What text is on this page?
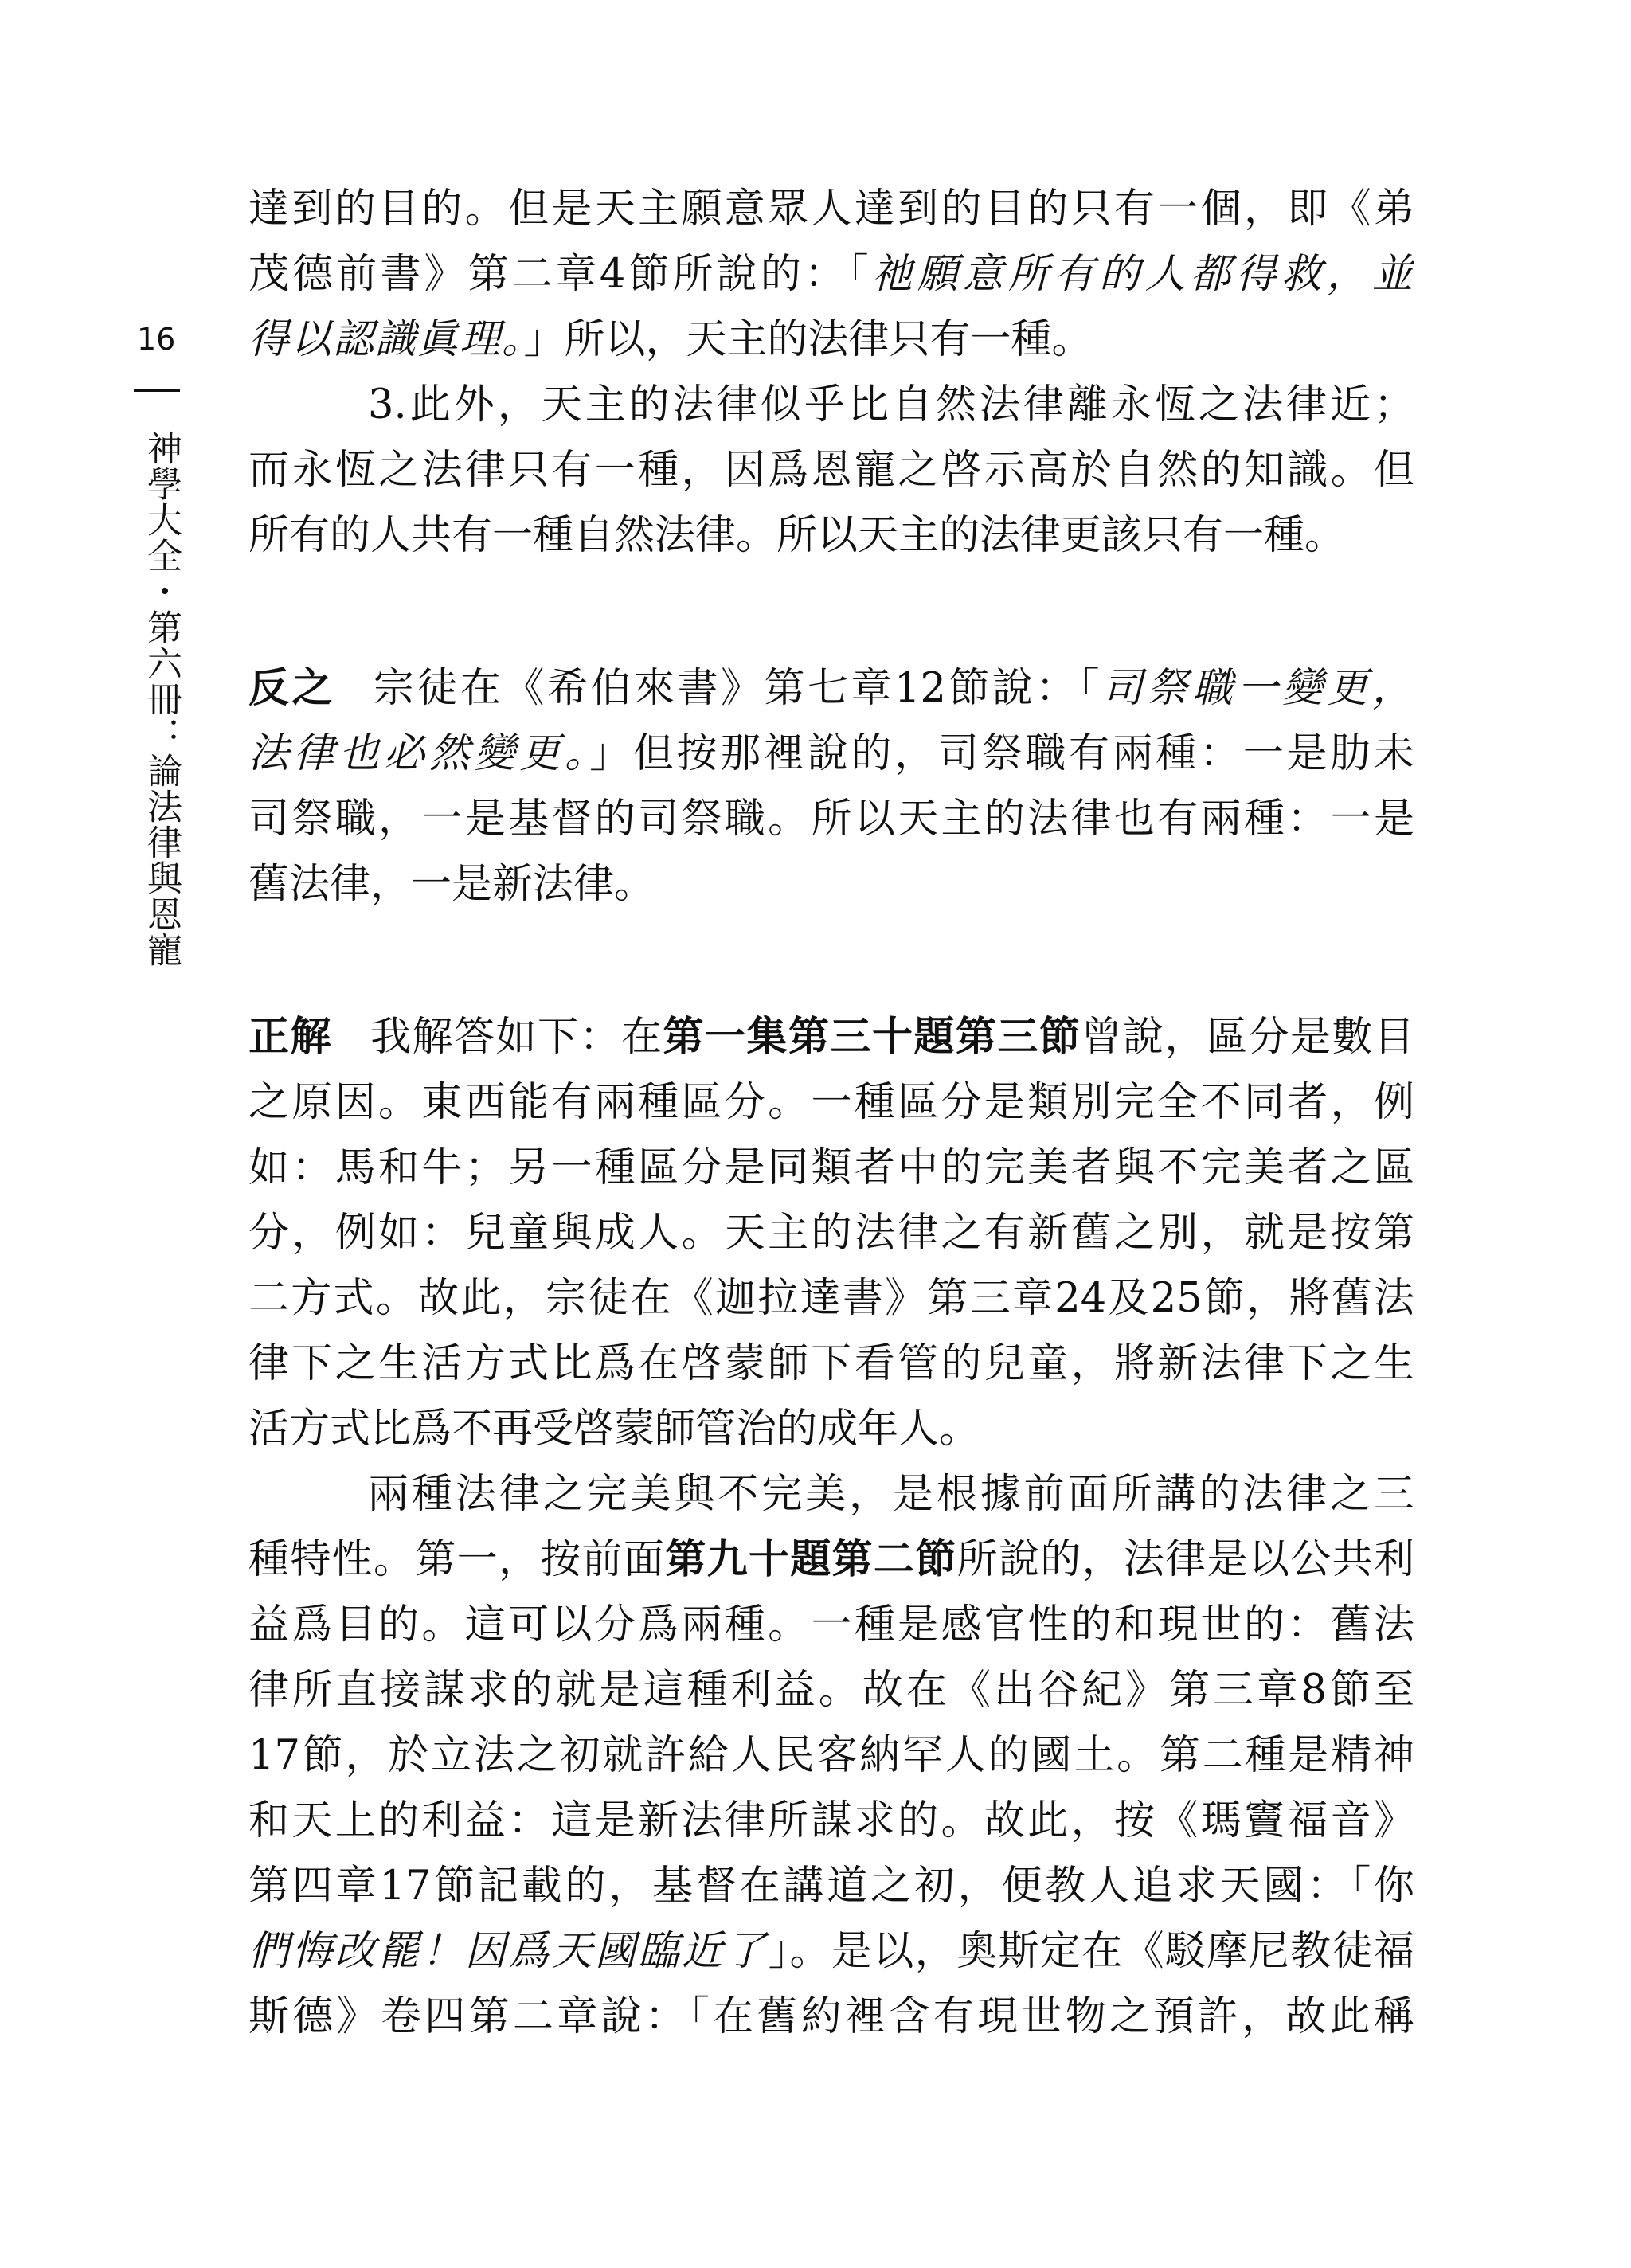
16
神學大全・第六冊：論法律與恩寵
達到的目的。但是天主願意眾人達到的目的只有一個，即《弟
茂德前書》第二章4節所說的：「祂願意所有的人都得救，並
得以認識眞理。」所以，天主的法律只有一種。
3.此外，天主的法律似乎比自然法律離永恆之法律近；
而永恆之法律只有一種，因爲恩寵之啓示高於自然的知識。但
所有的人共有一種自然法律。所以天主的法律更該只有一種。
反之 宗徒在《希伯來書》第七章12節說：「司祭職一變更，
法律也必然變更。」但按那裡說的，司祭職有兩種：一是肋未
司祭職，一是基督的司祭職。所以天主的法律也有兩種：一是
舊法律，一是新法律。
正解 我解答如下：在第一集第三十題第三節曾說，區分是數目
之原因。東西能有兩種區分。一種區分是類別完全不同者，例
如：馬和牛；另一種區分是同類者中的完美者與不完美者之區
分，例如：兒童與成人。天主的法律之有新舊之別，就是按第
二方式。故此，宗徒在《迦拉達書》第三章24及25節，將舊法
律下之生活方式比爲在啓蒙師下看管的兒童，將新法律下之生
活方式比爲不再受啓蒙師管治的成年人。
兩種法律之完美與不完美，是根據前面所講的法律之三
種特性。第一，按前面第九十題第二節所說的，法律是以公共利
益爲目的。這可以分爲兩種。一種是感官性的和現世的：舊法
律所直接謀求的就是這種利益。故在《出谷紀》第三章8節至
17節，於立法之初就許給人民客納罕人的國土。第二種是精神
和天上的利益：這是新法律所謀求的。故此，按《瑪竇福音》
第四章17節記載的，基督在講道之初，便教人追求天國：「你
們悔改罷！因爲天國臨近了」。是以，奧斯定在《駁摩尼教徒福
斯德》卷四第二章說：「在舊約裡含有現世物之預許，故此稱
